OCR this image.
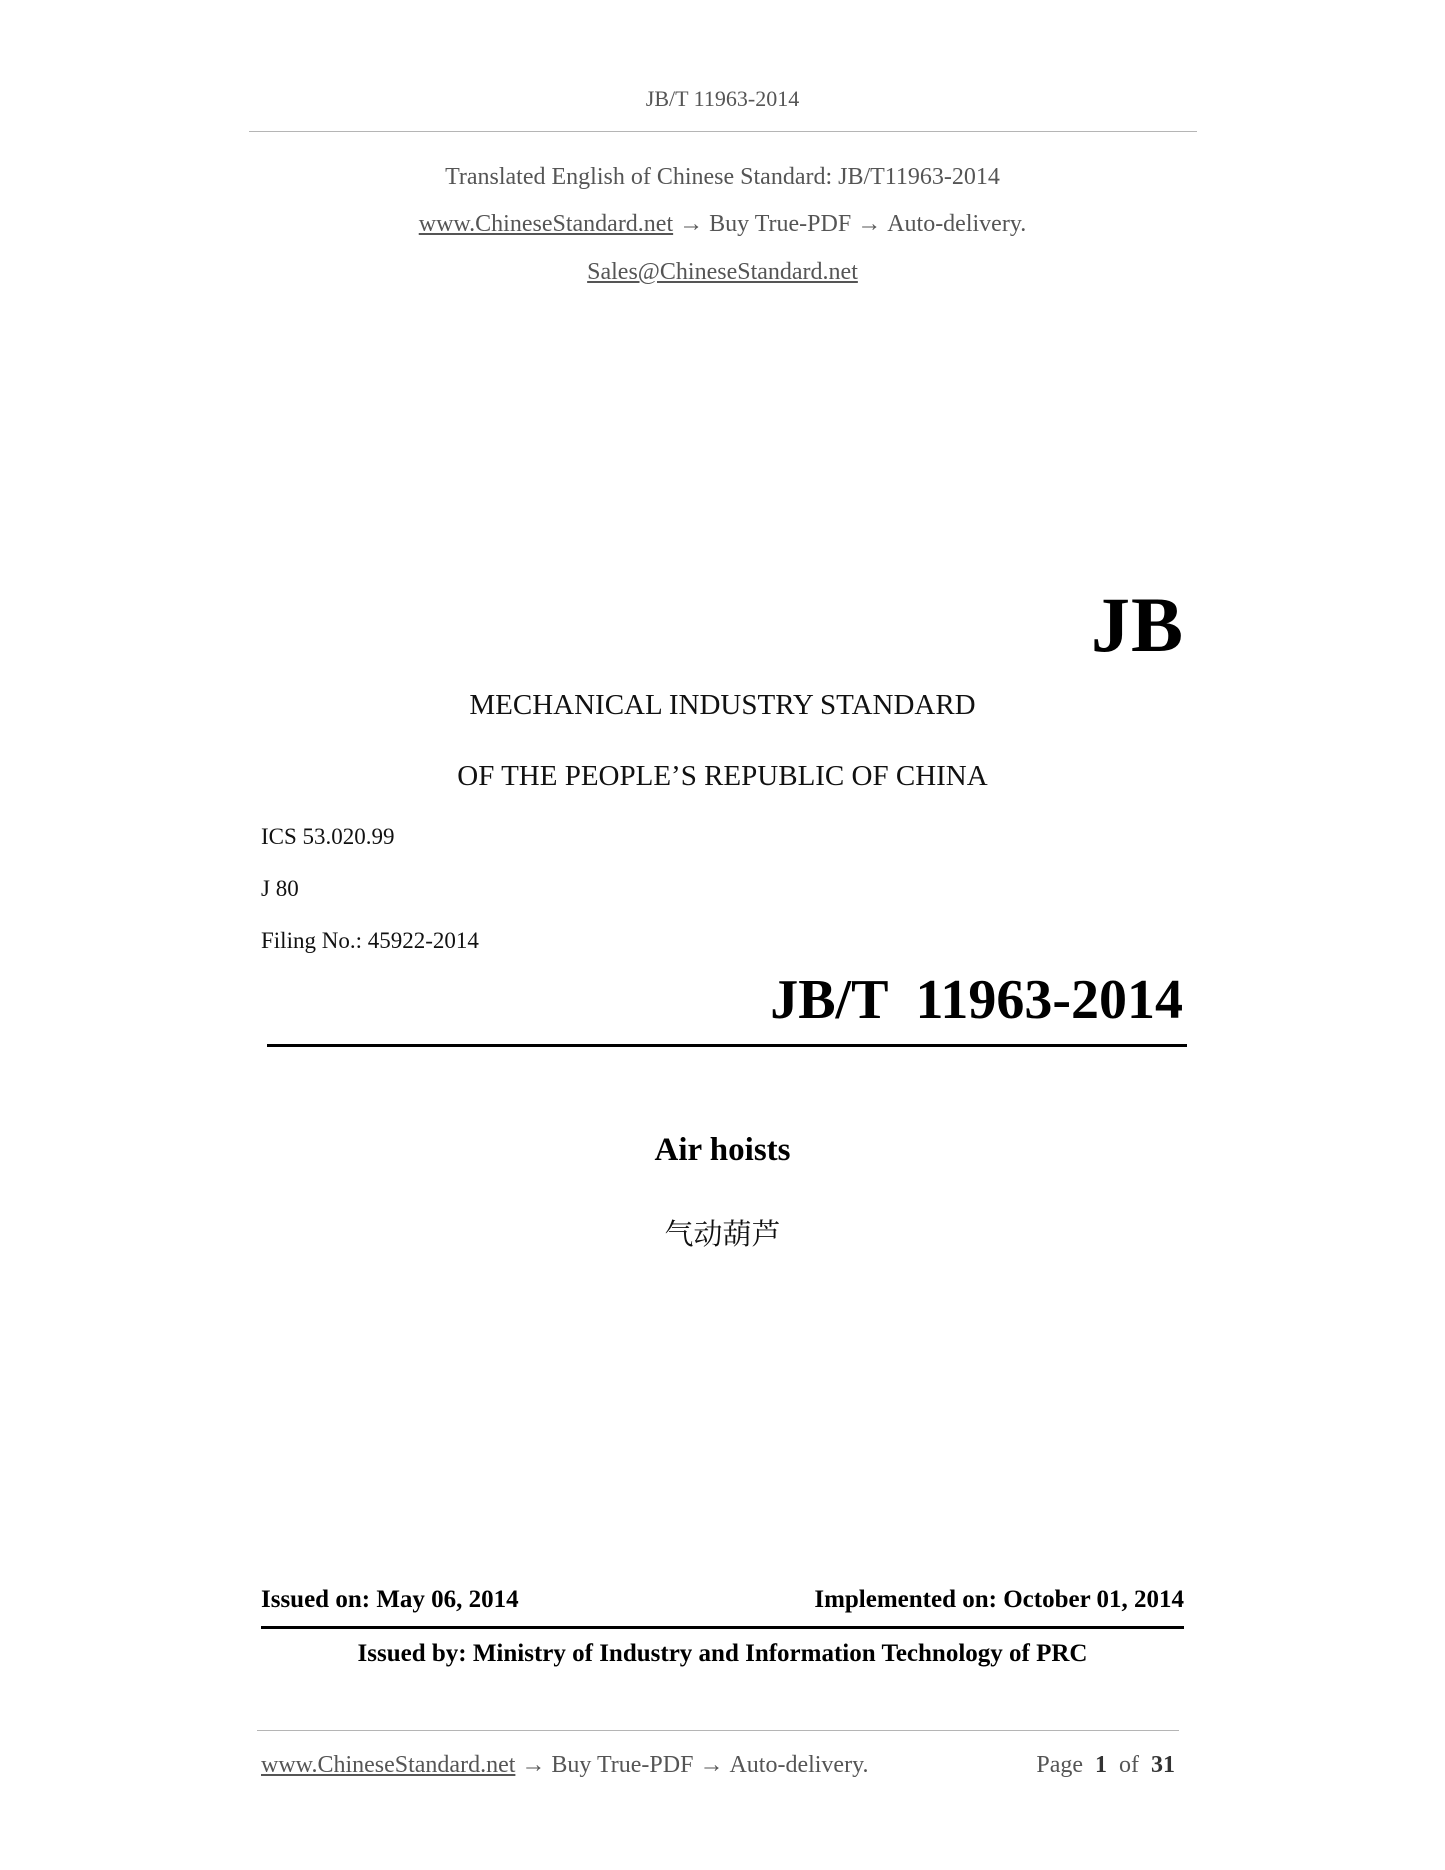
JB/T 11963-2014
Translated English of Chinese Standard: JB/T11963-2014
www.ChineseStandard.net → Buy True-PDF → Auto-delivery.
Sales@ChineseStandard.net
JB
MECHANICAL INDUSTRY STANDARD
OF THE PEOPLE’S REPUBLIC OF CHINA
ICS 53.020.99
J 80
Filing No.: 45922-2014
JB/T 11963-2014
Air hoists
气动葫芦
Issued on: May 06, 2014	Implemented on: October 01, 2014
Issued by: Ministry of Industry and Information Technology of PRC
www.ChineseStandard.net → Buy True-PDF → Auto-delivery.	Page 1 of 31
